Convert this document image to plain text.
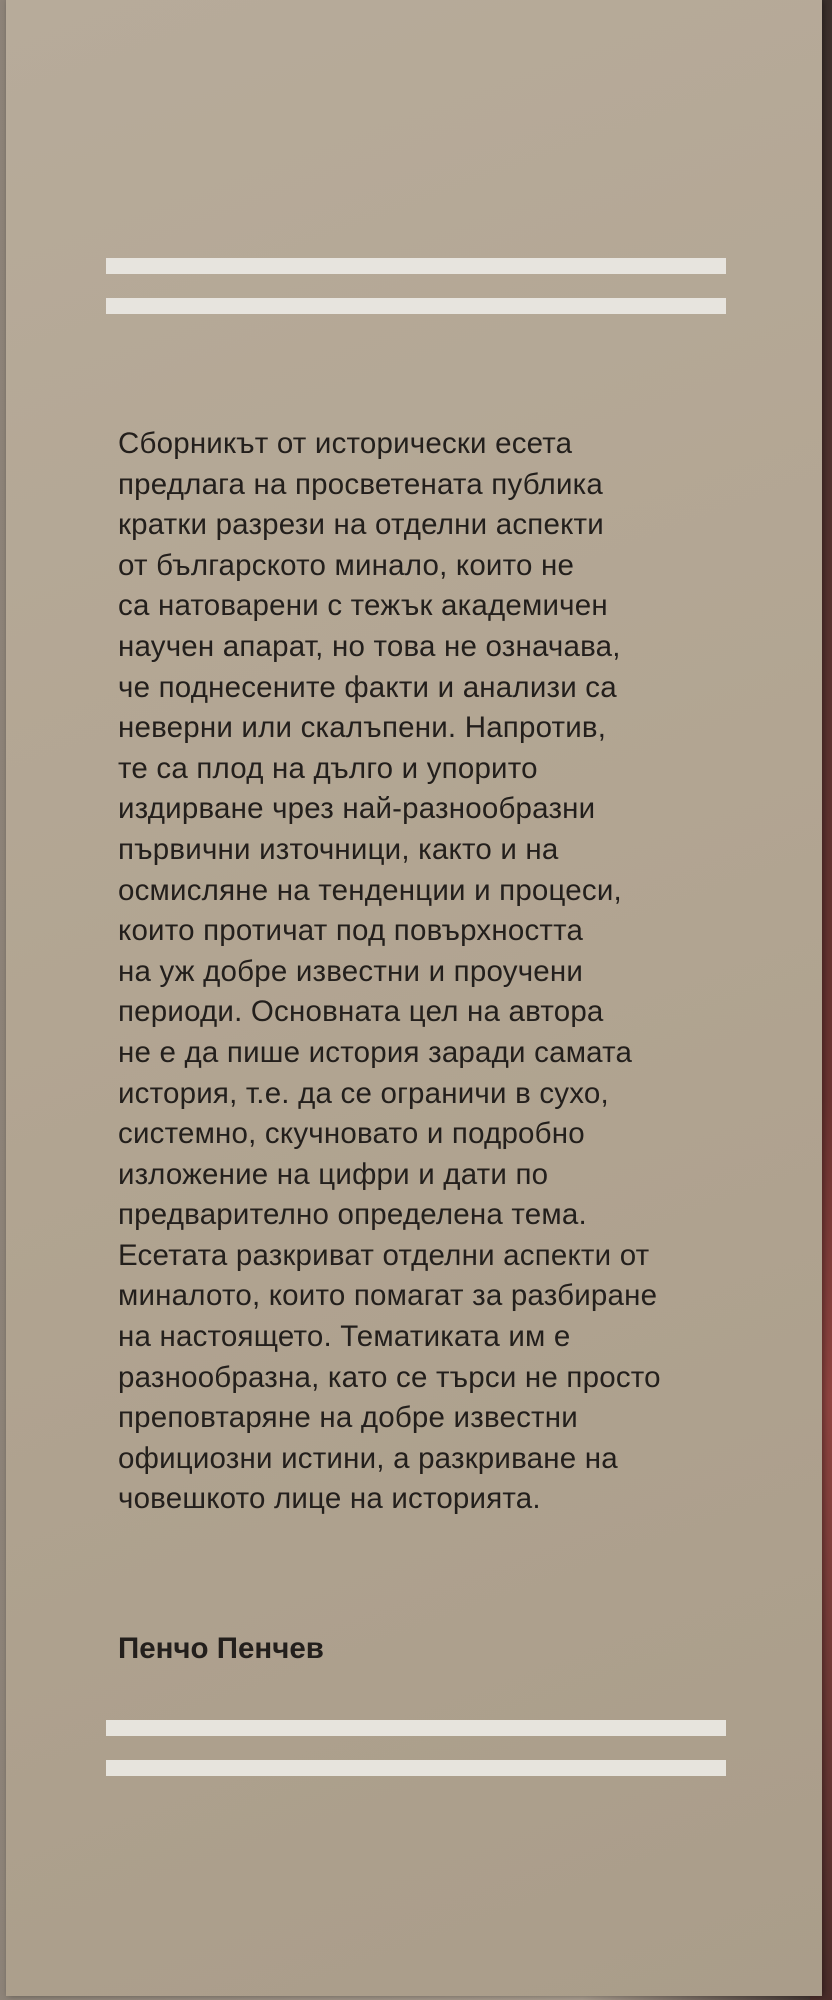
Сборникът от исторически есета
предлага на просветената публика
кратки разрези на отделни аспекти
от българското минало, които не
са натоварени с тежък академичен
научен апарат, но това не означава,
че поднесените факти и анализи са
неверни или скалъпени. Напротив,
те са плод на дълго и упорито
издирване чрез най-разнообразни
първични източници, както и на
осмисляне на тенденции и процеси,
които протичат под повърхността
на уж добре известни и проучени
периоди. Основната цел на автора
не е да пише история заради самата
история, т.е. да се ограничи в сухо,
системно, скучновато и подробно
изложение на цифри и дати по
предварително определена тема.
Есетата разкриват отделни аспекти от
миналото, които помагат за разбиране
на настоящето. Тематиката им е
разнообразна, като се търси не просто
преповтаряне на добре известни
официозни истини, а разкриване на
човешкото лице на историята.
Пенчо Пенчев
